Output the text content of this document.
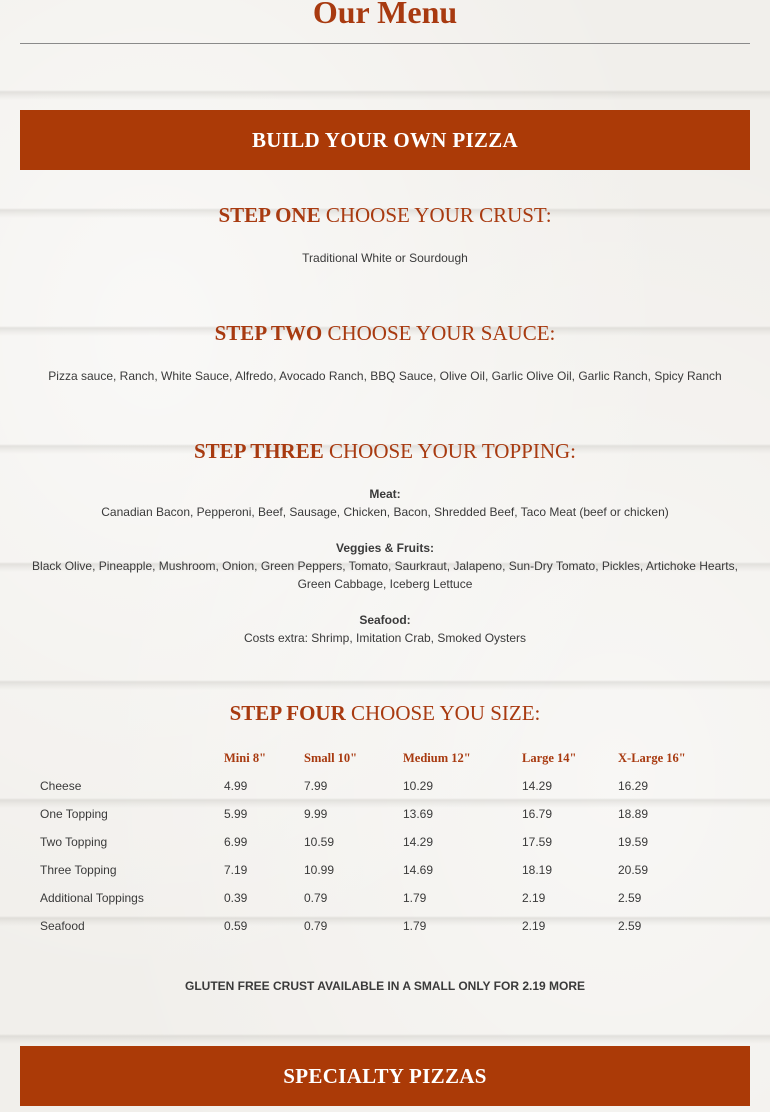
Our Menu
BUILD YOUR OWN PIZZA
STEP ONE CHOOSE YOUR CRUST:
Traditional White or Sourdough
STEP TWO CHOOSE YOUR SAUCE:
Pizza sauce, Ranch, White Sauce, Alfredo, Avocado Ranch, BBQ Sauce, Olive Oil, Garlic Olive Oil, Garlic Ranch, Spicy Ranch
STEP THREE CHOOSE YOUR TOPPING:
Meat:
Canadian Bacon, Pepperoni, Beef, Sausage, Chicken, Bacon, Shredded Beef, Taco Meat (beef or chicken)
Veggies & Fruits:
Black Olive, Pineapple, Mushroom, Onion, Green Peppers, Tomato, Saurkraut, Jalapeno, Sun-Dry Tomato, Pickles, Artichoke Hearts, Green Cabbage, Iceberg Lettuce
Seafood:
Costs extra: Shrimp, Imitation Crab, Smoked Oysters
STEP FOUR CHOOSE YOU SIZE:
	Mini 8"	Small 10"	Medium 12"	Large 14"	X-Large 16"
Cheese	4.99	7.99	10.29	14.29	16.29
One Topping	5.99	9.99	13.69	16.79	18.89
Two Topping	6.99	10.59	14.29	17.59	19.59
Three Topping	7.19	10.99	14.69	18.19	20.59
Additional Toppings	0.39	0.79	1.79	2.19	2.59
Seafood	0.59	0.79	1.79	2.19	2.59
GLUTEN FREE CRUST AVAILABLE IN A SMALL ONLY FOR 2.19 MORE
SPECIALTY PIZZAS
